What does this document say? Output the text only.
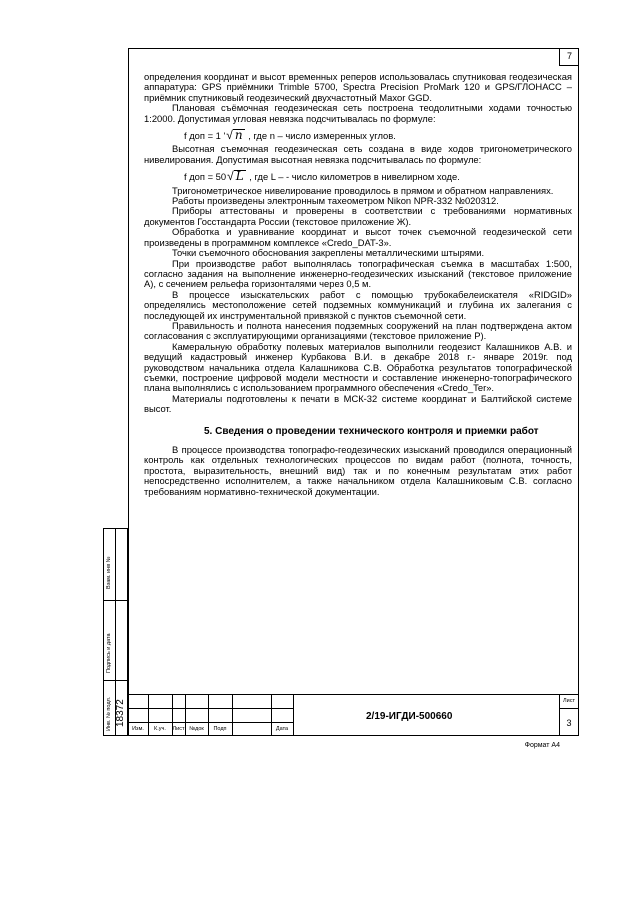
7

определения координат и высот временных реперов использовалась спутниковая геодезическая аппаратура: GPS приёмники Trimble 5700, Spectra Precision ProMark 120 и GPS/ГЛОНАСС – приёмник спутниковый геодезический двухчастотный Maxor GGD.

Плановая съёмочная геодезическая сеть построена теодолитными ходами точностью 1:2000. Допустимая угловая невязка подсчитывалась по формуле:

f доп = 1 '√ n , где n – число измеренных углов.

Высотная съемочная геодезическая сеть создана в виде ходов тригонометрического нивелирования. Допустимая высотная невязка подсчитывалась по формуле:

f доп = 50√ L , где L – - число километров в нивелирном ходе.

Тригонометрическое нивелирование проводилось в прямом и обратном направлениях.

Работы произведены электронным тахеометром Nikon NPR-332 №020312.

Приборы аттестованы и проверены в соответствии с требованиями нормативных документов Госстандарта России (текстовое приложение Ж).

Обработка и уравнивание координат и высот точек съемочной геодезической сети произведены в программном комплексе «Credo_DAT-3».

Точки съемочного обоснования закреплены металлическими штырями.

При производстве работ выполнялась топографическая съемка в масштабах 1:500, согласно задания на выполнение инженерно-геодезических изысканий (текстовое приложение А), с сечением рельефа горизонталями через 0,5 м.

В процессе изыскательских работ с помощью трубокабелеискателя «RIDGID» определялись местоположение сетей подземных коммуникаций и глубина их залегания с последующей их инструментальной привязкой с пунктов съемочной сети.

Правильность и полнота нанесения подземных сооружений на план подтверждена актом согласования с эксплуатирующими организациями (текстовое приложение Р).

Камеральную обработку полевых материалов выполнили геодезист Калашников А.В. и ведущий кадастровый инженер Курбакова В.И. в декабре 2018 г.- январе 2019г. под руководством начальника отдела Калашникова С.В. Обработка результатов топографической съемки, построение цифровой модели местности и составление инженерно-топографического плана выполнялись с использованием программного обеспечения «Credo_Ter».

Материалы подготовлены к печати в МСК-32 системе координат и Балтийской системе высот.

5. Сведения о проведении технического контроля и приемки работ

В процессе производства топографо-геодезических изысканий проводился операционный контроль как отдельных технологических процессов по видам работ (полнота, точность, простота, выразительность, внешний вид) так и по конечным результатам этих работ непосредственно исполнителем, а также начальником отдела Калашниковым С.В. согласно требованиям нормативно-технической документации.

Взам. инв №
Подпись и дата
Инв. № подл. 18372
Изм.	К.уч.	Лист №док	Подп	Дата
2/19-ИГДИ-500660
Лист
3
Формат А4
